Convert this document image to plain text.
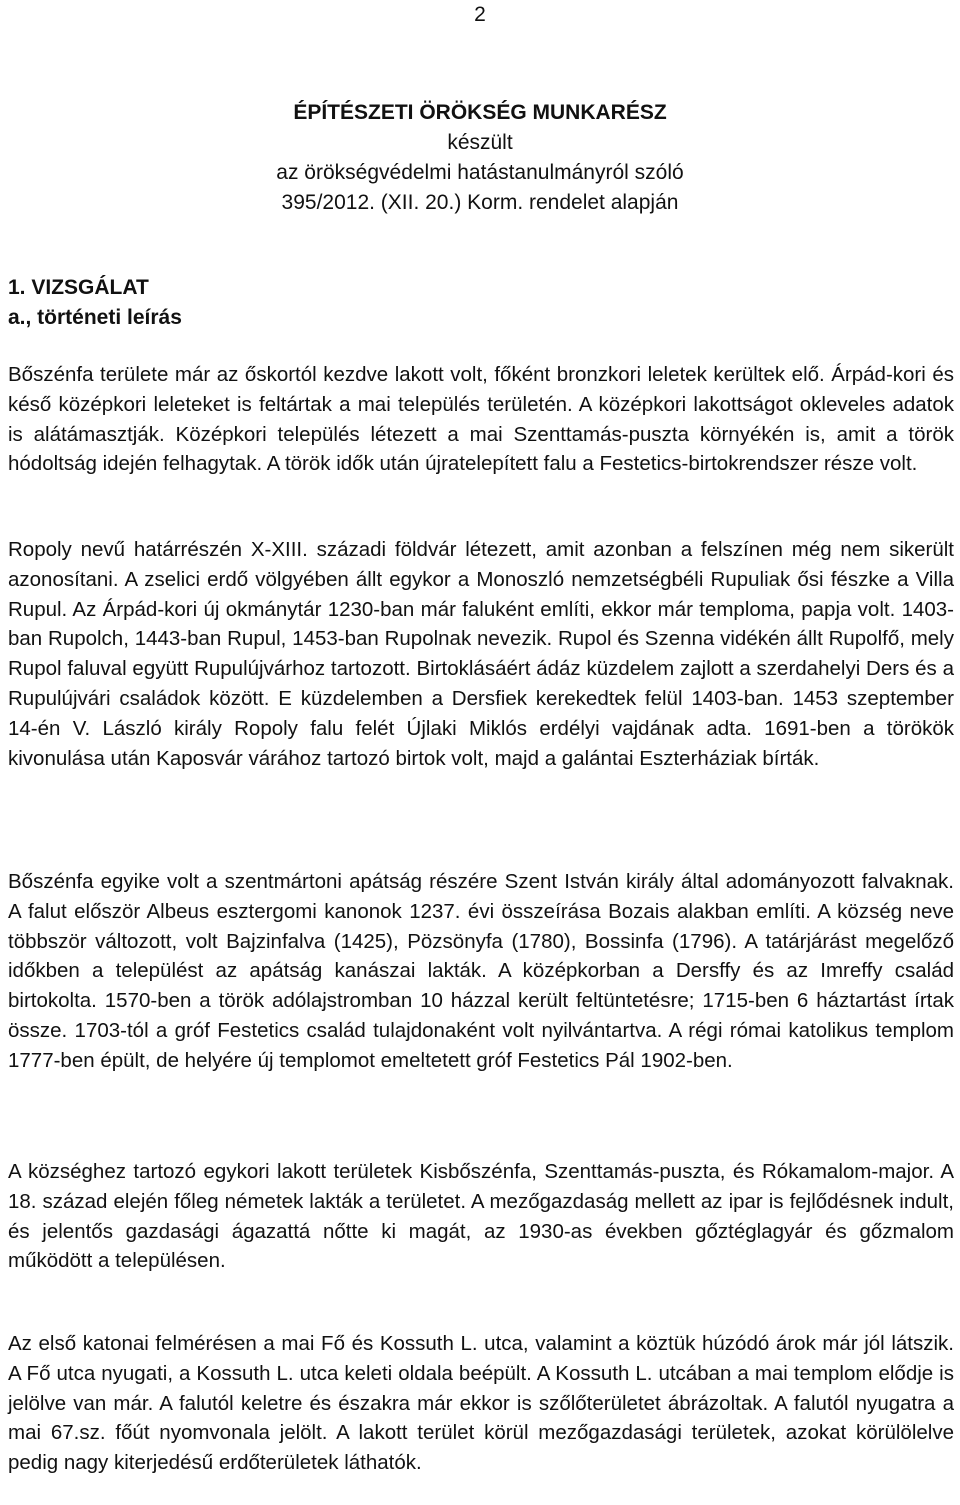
2
ÉPÍTÉSZETI ÖRÖKSÉG MUNKARÉSZ
készült
az örökségvédelmi hatástanulmányról szóló
395/2012. (XII. 20.) Korm. rendelet alapján
1. VIZSGÁLAT
a., történeti leírás

Bőszénfa területe már az őskortól kezdve lakott volt, főként bronzkori leletek kerültek elő. Árpád-kori és késő középkori leleteket is feltártak a mai település területén. A középkori lakottságot okleveles adatok is alátámasztják. Középkori település létezett a mai Szenttamás-puszta környékén is, amit a török hódoltság idején felhagytak. A török idők után újratelepített falu a Festetics-birtokrendszer része volt.

Ropoly nevű határrészén X-XIII. századi földvár létezett, amit azonban a felszínen még nem sikerült azonosítani. A zselici erdő völgyében állt egykor a Monoszló nemzetségbéli Rupuliak ősi fészke a Villa Rupul. Az Árpád-kori új okmánytár 1230-ban már faluként említi, ekkor már temploma, papja volt. 1403-ban Rupolch, 1443-ban Rupul, 1453-ban Rupolnak nevezik. Rupol és Szenna vidékén állt Rupolfő, mely Rupol faluval együtt Rupulújvárhoz tartozott. Birtoklásáért ádáz küzdelem zajlott a szerdahelyi Ders és a Rupulújvári családok között. E küzdelemben a Dersfiek kerekedtek felül 1403-ban. 1453 szeptember 14-én V. László király Ropoly falu felét Újlaki Miklós erdélyi vajdának adta. 1691-ben a törökök kivonulása után Kaposvár várához tartozó birtok volt, majd a galántai Eszterháziak bírták.

Bőszénfa egyike volt a szentmártoni apátság részére Szent István király által adományozott falvaknak. A falut először Albeus esztergomi kanonok 1237. évi összeírása Bozais alakban említi. A község neve többször változott, volt Bajzinfalva (1425), Pözsönyfa (1780), Bossinfa (1796). A tatárjárást megelőző időkben a települést az apátság kanászai lakták. A középkorban a Dersffy és az Imreffy család birtokolta. 1570-ben a török adólajstromban 10 házzal került feltüntetésre; 1715-ben 6 háztartást írtak össze. 1703-tól a gróf Festetics család tulajdonaként volt nyilvántartva. A régi római katolikus templom 1777-ben épült, de helyére új templomot emeltetett gróf Festetics Pál 1902-ben.

A községhez tartozó egykori lakott területek Kisbőszénfa, Szenttamás-puszta, és Rókamalom-major. A 18. század elején főleg németek lakták a területet. A mezőgazdaság mellett az ipar is fejlődésnek indult, és jelentős gazdasági ágazattá nőtte ki magát, az 1930-as években gőztéglagyár és gőzmalom működött a településen.

Az első katonai felmérésen a mai Fő és Kossuth L. utca, valamint a köztük húzódó árok már jól látszik. A Fő utca nyugati, a Kossuth L. utca keleti oldala beépült. A Kossuth L. utcában a mai templom elődje is jelölve van már. A falutól keletre és északra már ekkor is szőlőterületet ábrázoltak. A falutól nyugatra a mai 67.sz. főút nyomvonala jelölt. A lakott terület körül mezőgazdasági területek, azokat körülölelve pedig nagy kiterjedésű erdőterületek láthatók.
